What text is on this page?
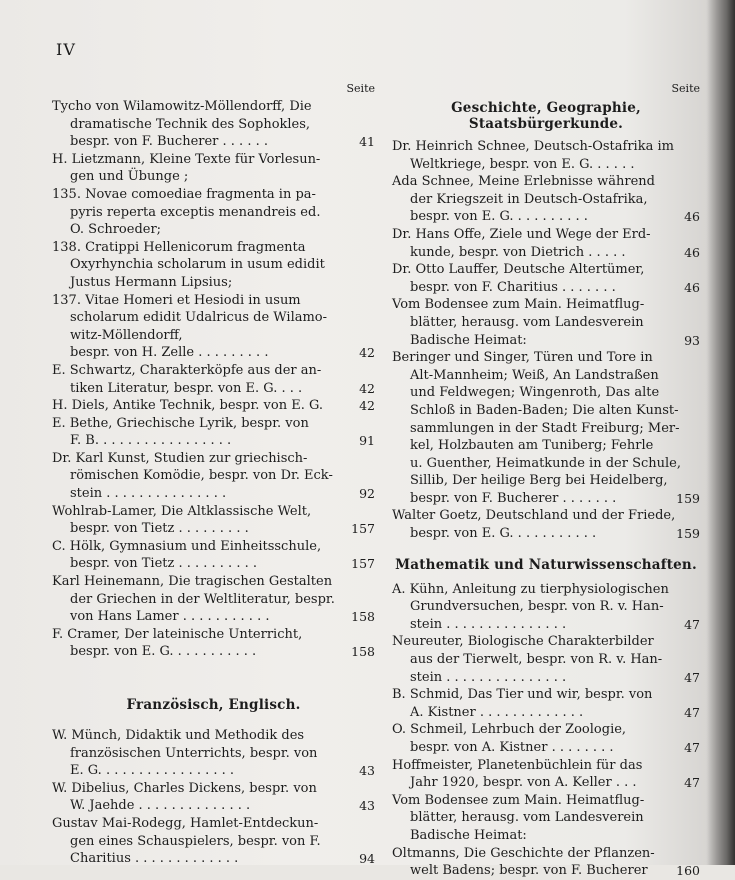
IV
Seite
Tycho von Wilamowitz-Möllendorff, Die
dramatische Technik des Sophokles,
bespr. von F. Bucherer . . . . . .	41
H. Lietzmann, Kleine Texte für Vorlesun-
gen und Übunge ;
135. Novae comoediae fragmenta in pa-
pyris reperta exceptis menandreis ed.
O. Schroeder;
138. Cratippi Hellenicorum fragmenta
Oxyrhynchia scholarum in usum edidit
Justus Hermann Lipsius;
137. Vitae Homeri et Hesiodi in usum
scholarum edidit Udalricus de Wilamo-
witz-Möllendorff,
bespr. von H. Zelle . . . . . . . . .	42
E. Schwartz, Charakterköpfe aus der an-
tiken Literatur, bespr. von E. G. . . .	42
H. Diels, Antike Technik, bespr. von E. G.	42
E. Bethe, Griechische Lyrik, bespr. von
F. B. . . . . . . . . . . . . . . . .	91
Dr. Karl Kunst, Studien zur griechisch-
römischen Komödie, bespr. von Dr. Eck-
stein . . . . . . . . . . . . . . .	92
Wohlrab-Lamer, Die Altklassische Welt,
bespr. von Tietz . . . . . . . . .	157
C. Hölk, Gymnasium und Einheitsschule,
bespr. von Tietz . . . . . . . . . .	157
Karl Heinemann, Die tragischen Gestalten
der Griechen in der Weltliteratur, bespr.
von Hans Lamer . . . . . . . . . . .	158
F. Cramer, Der lateinische Unterricht,
bespr. von E. G. . . . . . . . . . .	158
Französisch, Englisch.
W. Münch, Didaktik und Methodik des
französischen Unterrichts, bespr. von
E. G. . . . . . . . . . . . . . . . .	43
W. Dibelius, Charles Dickens, bespr. von
W. Jaehde . . . . . . . . . . . . . .	43
Gustav Mai-Rodegg, Hamlet-Entdeckun-
gen eines Schauspielers, bespr. von F.
Charitius . . . . . . . . . . . . .	94
Seite
Geschichte, Geographie, Staatsbürgerkunde.
Dr. Heinrich Schnee, Deutsch-Ostafrika im
Weltkriege, bespr. von E. G. . . . . .
Ada Schnee, Meine Erlebnisse während
der Kriegszeit in Deutsch-Ostafrika,
bespr. von E. G. . . . . . . . . .	46
Dr. Hans Offe, Ziele und Wege der Erd-
kunde, bespr. von Dietrich . . . . .	46
Dr. Otto Lauffer, Deutsche Altertümer,
bespr. von F. Charitius . . . . . . .	46
Vom Bodensee zum Main. Heimatflug-
blätter, herausg. vom Landesverein
Badische Heimat:	93
Beringer und Singer, Türen und Tore in
Alt-Mannheim; Weiß, An Landstraßen
und Feldwegen; Wingenroth, Das alte
Schloß in Baden-Baden; Die alten Kunst-
sammlungen in der Stadt Freiburg; Mer-
kel, Holzbauten am Tuniberg; Fehrle
u. Guenther, Heimatkunde in der Schule,
Sillib, Der heilige Berg bei Heidelberg,
bespr. von F. Bucherer . . . . . . .	159
Walter Goetz, Deutschland und der Friede,
bespr. von E. G. . . . . . . . . . .	159
Mathematik und Naturwissenschaften.
A. Kühn, Anleitung zu tierphysiologischen
Grundversuchen, bespr. von R. v. Han-
stein . . . . . . . . . . . . . . .	47
Neureuter, Biologische Charakterbilder
aus der Tierwelt, bespr. von R. v. Han-
stein . . . . . . . . . . . . . . .	47
B. Schmid, Das Tier und wir, bespr. von
A. Kistner . . . . . . . . . . . . .	47
O. Schmeil, Lehrbuch der Zoologie,
bespr. von A. Kistner . . . . . . . .	47
Hoffmeister, Planetenbüchlein für das
Jahr 1920, bespr. von A. Keller . . .	47
Vom Bodensee zum Main. Heimatflug-
blätter, herausg. vom Landesverein
Badische Heimat:
Oltmanns, Die Geschichte der Pflanzen-
welt Badens; bespr. von F. Bucherer	160
